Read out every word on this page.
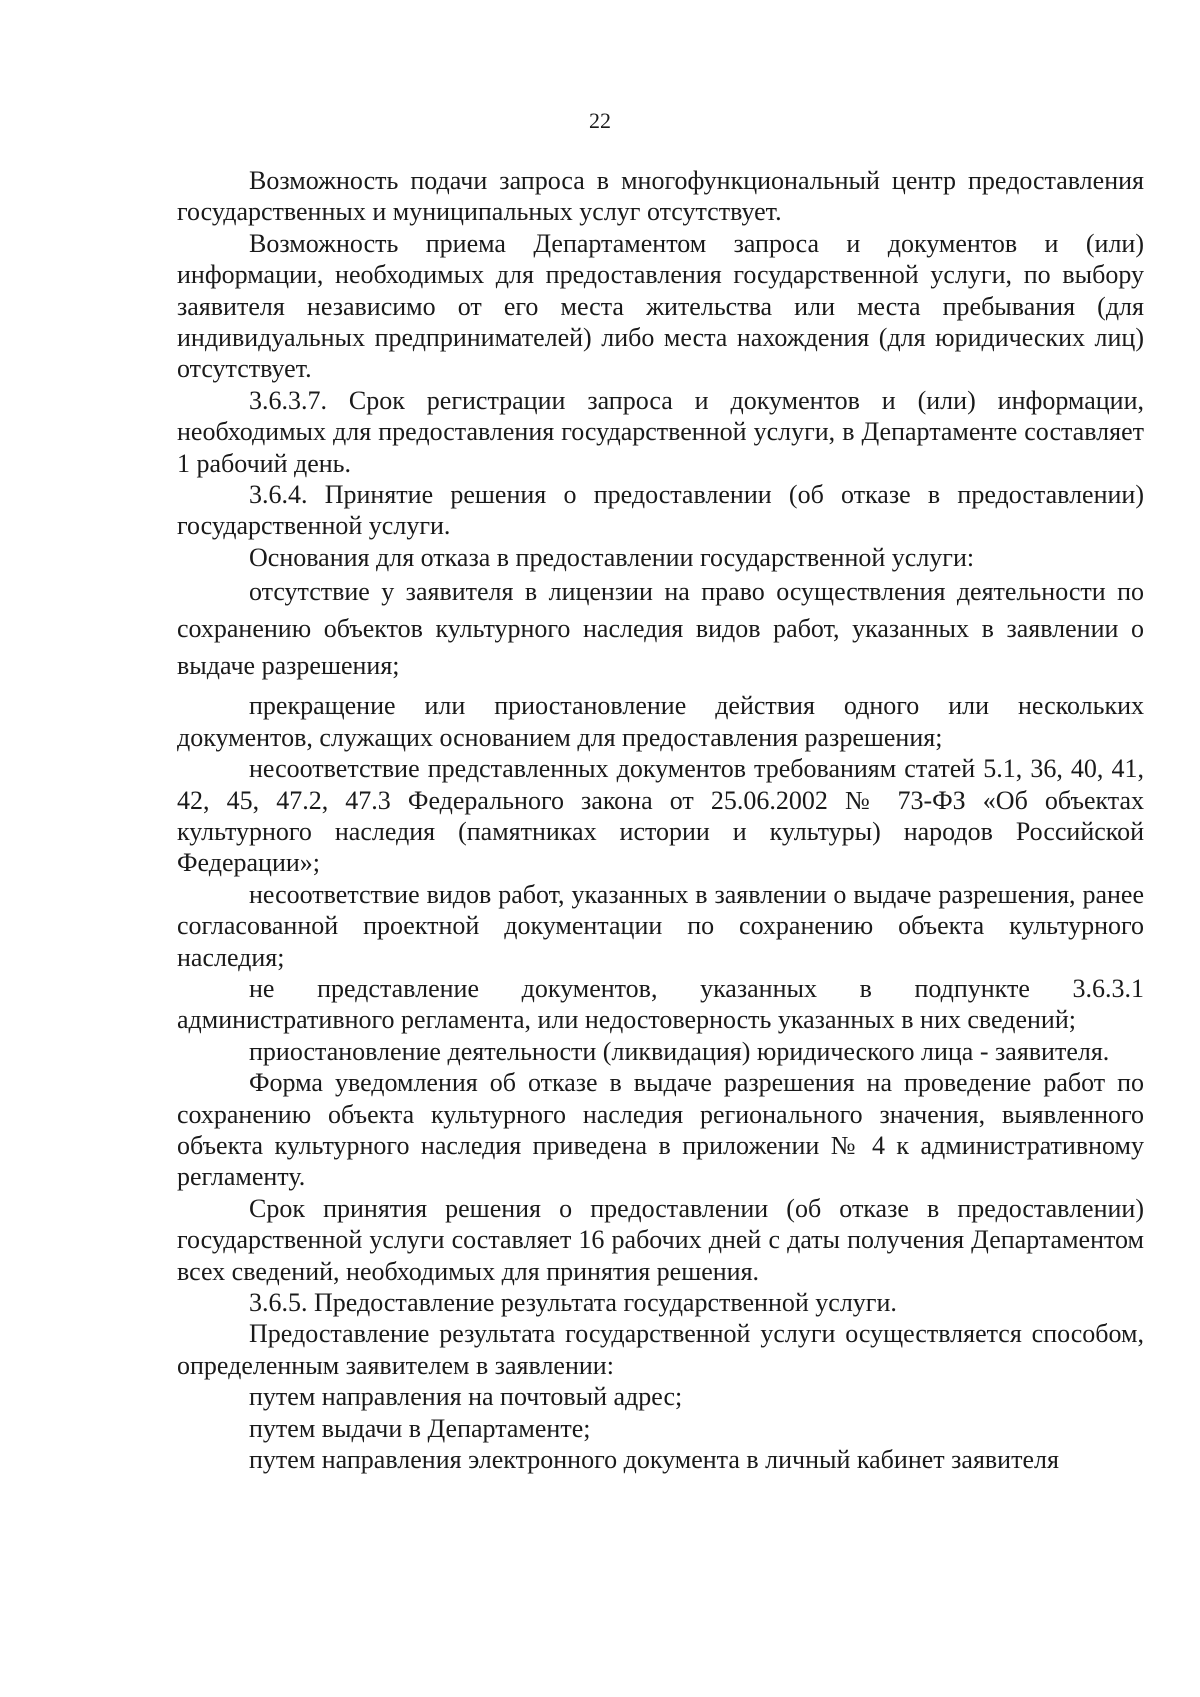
22

Возможность подачи запроса в многофункциональный центр предоставления государственных и муниципальных услуг отсутствует.

Возможность приема Департаментом запроса и документов и (или) информации, необходимых для предоставления государственной услуги, по выбору заявителя независимо от его места жительства или места пребывания (для индивидуальных предпринимателей) либо места нахождения (для юридических лиц) отсутствует.

3.6.3.7. Срок регистрации запроса и документов и (или) информации, необходимых для предоставления государственной услуги, в Департаменте составляет 1 рабочий день.

3.6.4. Принятие решения о предоставлении (об отказе в предоставлении) государственной услуги.

Основания для отказа в предоставлении государственной услуги:

отсутствие у заявителя в лицензии на право осуществления деятельности по сохранению объектов культурного наследия видов работ, указанных в заявлении о выдаче разрешения;

прекращение или приостановление действия одного или нескольких документов, служащих основанием для предоставления разрешения;

несоответствие представленных документов требованиям статей 5.1, 36, 40, 41, 42, 45, 47.2, 47.3 Федерального закона от 25.06.2002 № 73-ФЗ «Об объектах культурного наследия (памятниках истории и культуры) народов Российской Федерации»;

несоответствие видов работ, указанных в заявлении о выдаче разрешения, ранее согласованной проектной документации по сохранению объекта культурного наследия;

не представление документов, указанных в подпункте 3.6.3.1 административного регламента, или недостоверность указанных в них сведений;

приостановление деятельности (ликвидация) юридического лица - заявителя.

Форма уведомления об отказе в выдаче разрешения на проведение работ по сохранению объекта культурного наследия регионального значения, выявленного объекта культурного наследия приведена в приложении № 4 к административному регламенту.

Срок принятия решения о предоставлении (об отказе в предоставлении) государственной услуги составляет 16 рабочих дней с даты получения Департаментом всех сведений, необходимых для принятия решения.

3.6.5. Предоставление результата государственной услуги.

Предоставление результата государственной услуги осуществляется способом, определенным заявителем в заявлении:

путем направления на почтовый адрес;

путем выдачи в Департаменте;

путем направления электронного документа в личный кабинет заявителя
